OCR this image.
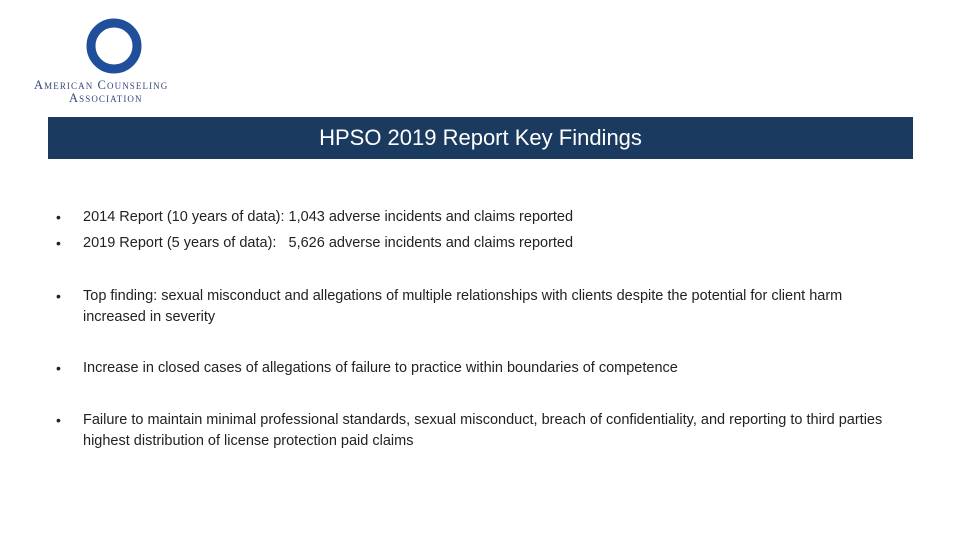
American Counseling
Association
HPSO 2019 Report Key Findings
•	2014 Report (10 years of data): 1,043 adverse incidents and claims reported
•	2019 Report (5 years of data):   5,626 adverse incidents and claims reported
•	Top finding: sexual misconduct and allegations of multiple relationships with clients despite the potential for client harm increased in severity
•	Increase in closed cases of allegations of failure to practice within boundaries of competence
•	Failure to maintain minimal professional standards, sexual misconduct, breach of confidentiality, and reporting to third parties highest distribution of license protection paid claims
